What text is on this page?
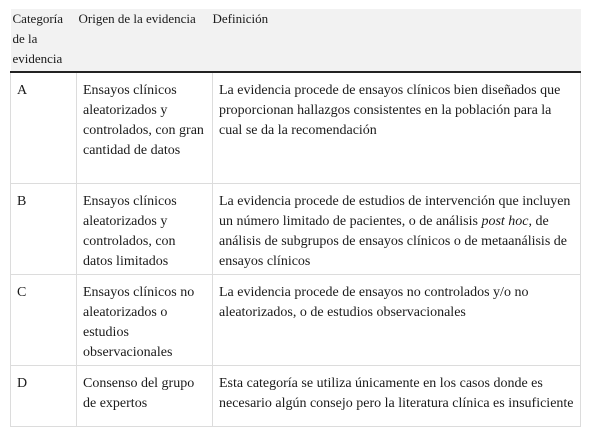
Categoría de la evidencia	Origen de la evidencia	Definición
A	Ensayos clínicos aleatorizados y controlados, con gran cantidad de datos	La evidencia procede de ensayos clínicos bien diseñados que proporcionan hallazgos consistentes en la población para la cual se da la recomendación
B	Ensayos clínicos aleatorizados y controlados, con datos limitados	La evidencia procede de estudios de intervención que incluyen un número limitado de pacientes, o de análisis post hoc, de análisis de subgrupos de ensayos clínicos o de metaanálisis de ensayos clínicos
C	Ensayos clínicos no aleatorizados o estudios observacionales	La evidencia procede de ensayos no controlados y/o no aleatorizados, o de estudios observacionales
D	Consenso del grupo de expertos	Esta categoría se utiliza únicamente en los casos donde es necesario algún consejo pero la literatura clínica es insuficiente
